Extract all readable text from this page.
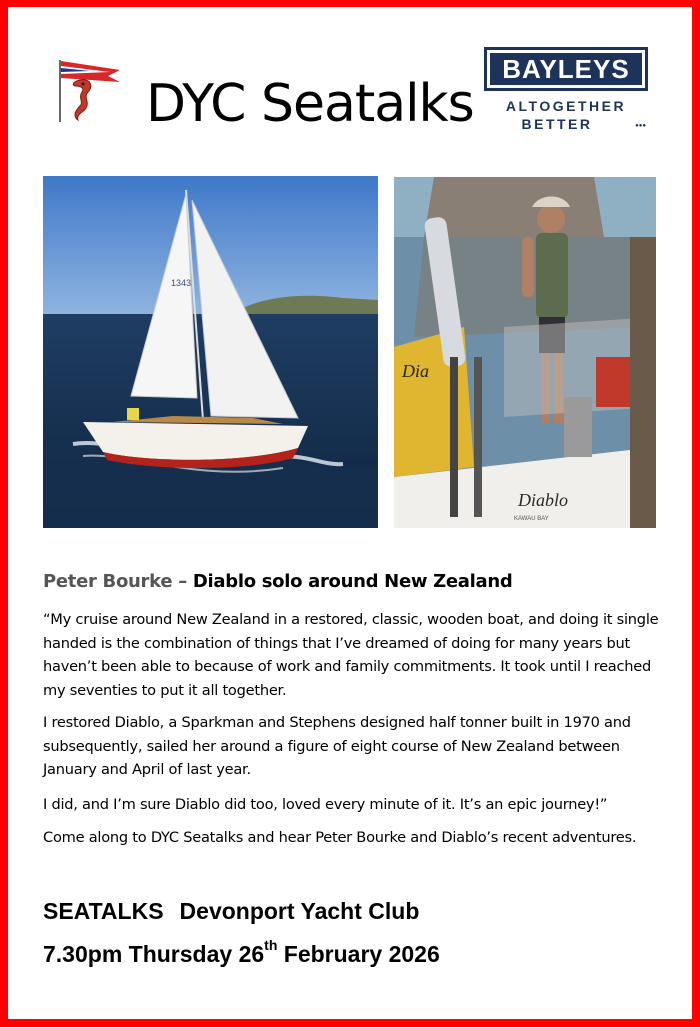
DYC Seatalks
BAYLEYS
ALTOGETHER
BETTER	●●●
1343
Dia
Diablo
KAWAU BAY
Peter Bourke – Diablo solo around New Zealand
“My cruise around New Zealand in a restored, classic, wooden boat, and doing it single handed is the combination of things that I’ve dreamed of doing for many years but haven’t been able to because of work and family commitments. It took until I reached my seventies to put it all together.
I restored Diablo, a Sparkman and Stephens designed half tonner built in 1970 and subsequently, sailed her around a figure of eight course of New Zealand between January and April of last year.
I did, and I’m sure Diablo did too, loved every minute of it. It’s an epic journey!”
Come along to DYC Seatalks and hear Peter Bourke and Diablo’s recent adventures.
SEATALKS Devonport Yacht Club
7.30pm Thursday 26th February 2026
